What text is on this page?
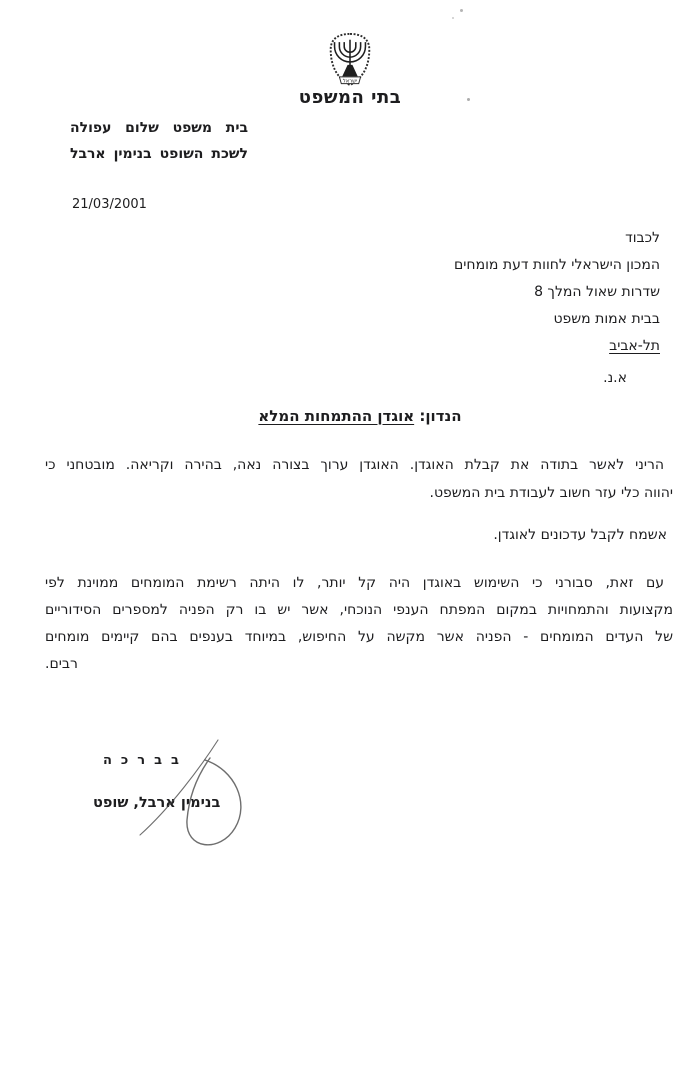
ישראל
בתי המשפט
בית משפט שלום עפולה
לשכת השופט בנימין ארבל
21/03/2001
לכבוד
המכון הישראלי לחוות דעת מומחים
שדרות שאול המלך 8
בבית אמות משפט
תל-אביב
א.נ.
הנדון: אוגדן ההתמחות המלא
הריני לאשר בתודה את קבלת האוגדן. האוגדן ערוך בצורה נאה, בהירה וקריאה. מובטחני כי
יהווה כלי עזר חשוב לעבודת בית המשפט.
אשמח לקבל עדכונים לאוגדן.
עם זאת, סבורני כי השימוש באוגדן היה קל יותר, לו היתה רשימת המומחים ממוינת לפי
מקצועות והתמחויות במקום המפתח הענפי הנוכחי, אשר יש בו רק הפניה למספרים הסידוריים
של העדים המומחים - הפניה אשר מקשה על החיפוש, במיוחד בענפים בהם קיימים מומחים
רבים.
בברכה
בנימין ארבל, שופט
